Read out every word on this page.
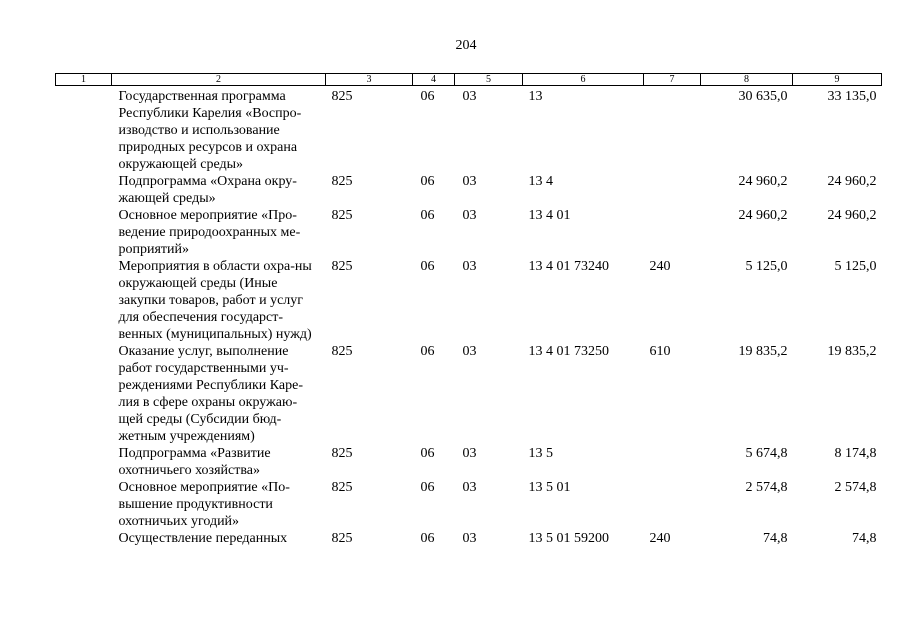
204
1	2	3	4	5	6	7	8	9
	Государственная программа Республики Карелия «Воспро-изводство и использование природных ресурсов и охрана окружающей среды»	825	06	03	13		30 635,0	33 135,0
	Подпрограмма «Охрана окру-жающей среды»	825	06	03	13 4		24 960,2	24 960,2
	Основное мероприятие «Про-ведение природоохранных ме-роприятий»	825	06	03	13 4 01		24 960,2	24 960,2
	Мероприятия в области охра-ны окружающей среды (Иные закупки товаров, работ и услуг для обеспечения государст-венных (муниципальных) нужд)	825	06	03	13 4 01 73240	240	5 125,0	5 125,0
	Оказание услуг, выполнение работ государственными уч-реждениями Республики Каре-лия в сфере охраны окружаю-щей среды (Субсидии бюд-жетным учреждениям)	825	06	03	13 4 01 73250	610	19 835,2	19 835,2
	Подпрограмма «Развитие охотничьего хозяйства»	825	06	03	13 5		5 674,8	8 174,8
	Основное мероприятие «По-вышение продуктивности охотничьих угодий»	825	06	03	13 5 01		2 574,8	2 574,8
	Осуществление переданных	825	06	03	13 5 01 59200	240	74,8	74,8
